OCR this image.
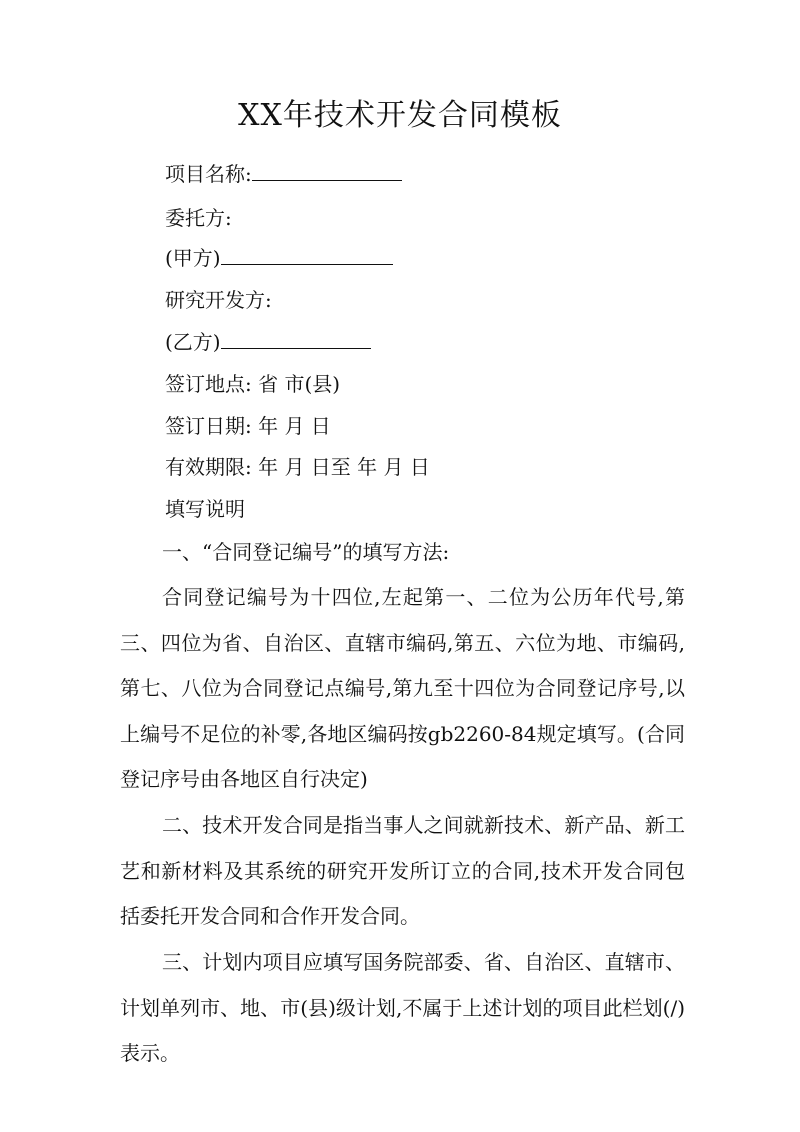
XX年技术开发合同模板
项目名称:
委托方:
(甲方)
研究开发方:
(乙方)
签订地点: 省 市(县)
签订日期: 年 月 日
有效期限: 年 月 日至 年 月 日
填写说明
一、“合同登记编号”的填写方法:
合同登记编号为十四位,左起第一、二位为公历年代号,第三、四位为省、自治区、直辖市编码,第五、六位为地、市编码,第七、八位为合同登记点编号,第九至十四位为合同登记序号,以上编号不足位的补零,各地区编码按gb2260-84规定填写。(合同登记序号由各地区自行决定)
二、技术开发合同是指当事人之间就新技术、新产品、新工艺和新材料及其系统的研究开发所订立的合同,技术开发合同包括委托开发合同和合作开发合同。
三、计划内项目应填写国务院部委、省、自治区、直辖市、计划单列市、地、市(县)级计划,不属于上述计划的项目此栏划(/)表示。
